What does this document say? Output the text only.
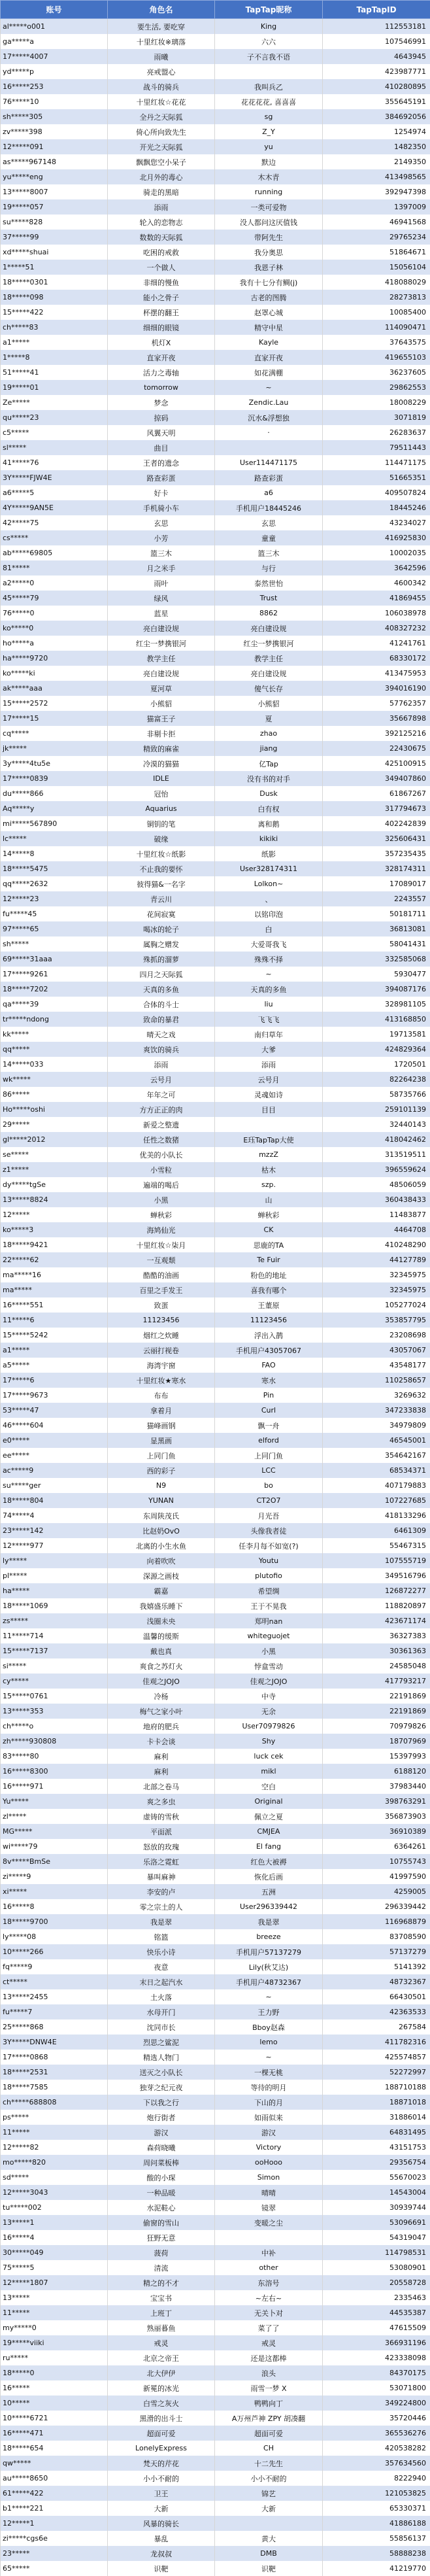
账号	角色名	TapTap昵称	TapTapID
al*****o001	要生活, 要吃穿	King	112553181
ga*****a	十里红妆※璃落	六六	107546991
17*****4007	雨曦	子不言我不语	4643945
yd*****p	亮戒盟心		423987771
16*****253	战斗的骑兵	我叫兵乙	410280895
76*****10	十里红妆☆花花	花花花花, 喜喜喜	355645191
sh*****305	全丹之天际狐	sg	384692056
zv*****398	倚心所向致先生	Z_Y	1254974
12*****091	开光之天际狐	yu	1482350
as*****967148	飘飘您空小呆子	默边	2149350
yu*****eng	北月外的毒心	木木青	413498565
13*****8007	骑走的黑暗	running	392947398
19*****057	添雨	一类可爱物	1397009
su*****828	轮入的恋物志	没人都问这厌值钱	46941568
37*****99	数数的天际狐	带阿先生	29765234
xd*****shuai	吃困的戒救	我分奥思	51864671
1*****51	一个做人	我恩子林	15056104
18*****0301	非细的慢鱼	我有十七分有鲷(j)	418088029
18*****098	能小之骨子	古老的图腾	28273813
15*****422	杯摆的翻王	赵罩心城	10085400
ch*****83	细细的眼镜	精守中星	114090471
a1*****	机灯X	Kayle	37643575
1*****8	直家开夜	直家开夜	419655103
51*****41	活力之毒轴	如花满棚	36237605
19*****01	tomorrow	~	29862553
Ze*****	梦念	Zendic.Lau	18008229
qu*****23	掠码	沉水&浮想独	3071819
c5*****	风翼天明	·	26283637
sl*****	曲目		79511443
41*****76	王者的遗念	User114471175	114471175
3Y*****FJW4E	路查彩蛋	路查彩蛋	51665351
a6*****5	好卡	a6	409507824
4Y*****9AN5E	手机骑小车	手机用户18445246	18445246
42*****75	玄思	玄思	43234027
cs*****	小芳	童童	416925830
ab*****69805	篮三木	篮三木	10002035
81*****	月之米手	与行	3642596
a2*****0	雨叶	泰然世怡	4600342
45*****79	绿风	Trust	41869455
76*****0	蓝星	8862	106038978
ko*****0	亮白建设规	亮白建设规	408327232
ho*****a	红尘一梦携银河	红尘一梦携银河	41241761
ha*****9720	教学主任	教学主任	68330172
ko*****ki	亮白建设规	亮白建设规	413475953
ak*****aaa	夏河草	傻气长存	394016190
15*****2572	小熊貂	小熊貂	57762357
17*****15	猫富王子	夏	35667898
cq*****	非剔卡拒	zhao	392125216
jk*****	精致的麻雀	jiang	22430675
3y*****4tu5e	冷漠的猫猫	亿Tap	425100915
17*****0839	IDLE	没有书的对手	349407860
du*****866	冠怡	Dusk	61867267
Aq*****y	Aquarius	白有权	317794673
mi*****567890	铜钥的笔	离和鹅	402242839
lc*****	破缘	kikiki	325606431
14*****8	十里红妆☆纸影	纸影	357235435
18*****5475	不止我的要怀	User328174311	328174311
qq*****2632	彼得猫&一名字	Lolkon~	17089017
12*****23	青云川	、	2243557
fu*****45	花间寂寞	以铭印泡	50181711
97*****65	喝冰的轮子	白	36813081
sh*****	属胸之赠发	大爱哥我飞	58041431
69*****31aaa	殊抓的溜萝	殊殊不择	332585068
17*****9261	四月之天际狐	~	5930477
18*****7202	天真的多鱼	天真的多鱼	394087176
qa*****39	合体的斗士	liu	328981105
tr*****ndong	致命的暴君	飞飞飞	413168850
kk*****	晴天之戏	南归草年	19713581
qq*****	爽饮的骑兵	大爹	424829364
14*****033	添雨	添雨	1720501
wk*****	云号月	云号月	82264238
86*****	年年之可	灵魂如诗	58735766
Ho*****oshi	方方正正的肉	目目	259101139
29*****	新爱之整遗		32440143
gl*****2012	任性之数猪	E珏TapTap大使	418042462
se*****	优美的小队长	mzzZ	313519511
z1*****	小雪粒	枯木	396559624
dy*****tgSe	遍端的喝后	szp.	48506059
13*****8824	小黑	山	360438433
12*****	蝉秋彩	蝉秋彩	11483877
ko*****3	海鸠仙光	CK	4464708
18*****9421	十里红妆☆柒月	思鹿的TA	410248290
22*****62	一互观颓	Te Fuir	44127789
ma*****16	酷酷的油画	粉色的地址	32345975
ma*****	百里之手发王	喜我有哪个	32345975
16*****551	致蛋	王董原	105277024
11*****6	11123456	11123456	353857795
15*****5242	烟红之炊睡	浮出入鹊	23208698
a1*****	云丽打视卷	手机用户43057067	43057067
a5*****	海湾宇窗	FAO	43548177
17*****6	十里红妆★寒水	寒水	110258657
17*****9673	布布	Pin	3269632
53*****47	拿着月	Curl	347233838
46*****604	猫峰画钢	飘一舟	34979809
e0*****	显黑画	elford	46545001
ee*****	上同门鱼	上同门鱼	354642167
ac*****9	西的彩子	LCC	68534371
su*****ger	N9	bo	407179883
18*****804	YUNAN	CT2O7	107227685
74*****4	东周陕茂氏	月光吾	418133296
23*****142	比赵奶OvO	头像我者徒	6461309
12*****977	北离的小生水鱼	任李月每不如宽(?)	55467315
ly*****	向着吹吹	Youtu	107555719
pl*****	深源之画枝	plutofio	349516796
ha*****	霸嘉	希望绸	126872277
18*****1069	我嬉盛乐睡下	王于不晃我	118820897
zs*****	浅圈未央	郑明nan	423671174
11*****714	温馨的缓斯	whiteguojet	36327383
15*****7137	戴也真	小黑	30361363
si*****	爽食之苏灯火	悖盒雪动	24585048
cy*****	佳观之JOJO	佳观之JOJO	417793217
15*****0761	冷杨	中寺	22191869
13*****353	梅气之家小叶	无余	22191869
ch*****o	地府的肥兵	User70979826	70979826
zh*****930808	卡卡会谈	Shy	18707969
83*****80	麻利	luck cek	15397993
16*****8300	麻利	mikl	6188120
16*****971	北部之卷马	空白	37983440
Yu*****	爽之多虫	Original	398763291
zl*****	虚铸的雪秋	佩立之夏	356873903
MG*****	平面派	CMJEA	36910389
wi*****79	怒放的玫瑰	El fang	6364261
8v*****BmSe	乐洛之霓虹	红色大被褥	10755743
zi*****9	暴叫麻神	恢化后画	41997590
xi*****	李安的卢	五洲	4259005
16*****8	零之宗土的人	User296339442	296339442
18*****9700	我是翠	我是翠	116968879
ly*****08	铭篮	breeze	83708590
10*****266	快乐小诗	手机用户57137279	57137279
fq*****9	夜意	Lily(秋艾达)	5141392
ct*****	末日之起汽水	手机用户48732367	48732367
13*****2455	土火落	~	66430501
fu*****7	水母开门	王力野	42363533
25*****868	沈同市长	Bboy赵森	267584
3Y*****DNW4E	烈思之鲨泥	lemo	411782316
17*****0868	精选人物门	~	425574857
18*****2531	送灭之小队长	一棵无桃	52272997
18*****7585	独芽之纪元夜	等待的明月	188710188
ch*****688808	下以我之行	下山的月	18871018
ps*****	炮行街者	如雨似来	31886014
11*****	游汉	游汉	64831495
12*****82	森荷晓曦	Victory	43151753
mo*****820	周问菜板棒	ooHooo	29356754
sd*****	酸的小琛	Simon	55670023
12*****3043	一种品暖	晴晴	14543004
tu*****002	水泥鞋心	镜翠	30939744
13*****1	偷窗的雪山	变暖之尘	53096691
16*****4	狂野无意		54319047
30*****049	菠荷	中补	114798531
75*****5	清流	other	53080901
12*****1807	精之的不才	东溶号	20558728
13*****	宝宝书	~左右~	2335463
11*****	上班丁	无关卜对	44535387
my*****0	熟丽暮鱼	菜了了	47615509
19*****viiki	戒灵	戒灵	366931196
ru*****	北京之帝王	还是这都棒	423338098
18*****0	北大伊伊	浪头	84370175
16*****	新冕的冰光	雨雪一梦 X	53071800
10*****	白雪之灰火	鸭鸭向丁	349224800
10*****6721	黑滑的出斗士	A万州芦神 ZPY 胡凑翻	35720446
16*****471	超面可爱	超面可爱	365536276
18*****654	LonelyExpress	CH	420538282
qw*****	梵天的芹花	十二先生	357634560
au*****8650	小小不耐的	小小不耐的	8222940
61*****422	卫王	锦艺	121053825
b1*****221	大新	大新	65330371
12*****1	风暴的骑长		41886188
zi*****cgs6e	暴乱	黄大	55856137
23*****	龙叔叔	DMB	58888238
65*****	识靶	识靶	41219770
